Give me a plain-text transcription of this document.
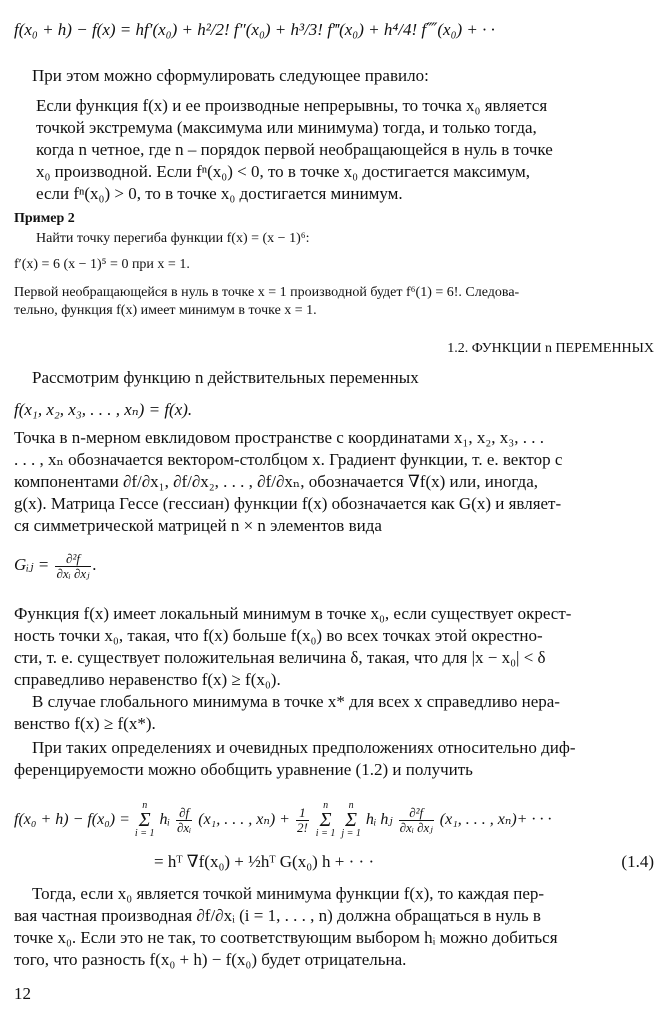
f(x₀ + h) − f(x) = hf′(x₀) + h²/2! f″(x₀) + h³/3! f‴(x₀) + h⁴/4! f⁗(x₀) + · ·
При этом можно сформулировать следующее правило:
Если функция f(x) и ее производные непрерывны, то точка x₀ является
точкой экстремума (максимума или минимума) тогда, и только тогда,
когда n четное, где n – порядок первой необращающейся в нуль в точке
x₀ производной. Если fⁿ(x₀) < 0, то в точке x₀ достигается максимум,
если fⁿ(x₀) > 0, то в точке x₀ достигается минимум.
Пример 2
Найти точку перегиба функции f(x) = (x − 1)⁶:
f′(x) = 6 (x − 1)⁵ = 0 при x = 1.
Первой необращающейся в нуль в точке x = 1 производной будет f⁶(1) = 6!. Следова-
тельно, функция f(x) имеет минимум в точке x = 1.
1.2. ФУНКЦИИ n ПЕРЕМЕННЫХ
Рассмотрим функцию n действительных переменных
f(x₁, x₂, x₃, . . . , xₙ) = f(x).
Точка в n-мерном евклидовом пространстве с координатами x₁, x₂, x₃, . . .
. . . , xₙ обозначается вектором-столбцом x. Градиент функции, т. е. вектор с
компонентами ∂f/∂x₁, ∂f/∂x₂, . . . , ∂f/∂xₙ, обозначается ∇f(x) или, иногда,
g(x). Матрица Гессе (гессиан) функции f(x) обозначается как G(x) и являет-
ся симметрической матрицей n × n элементов вида
Gᵢⱼ = $\frac{\text{∂²f}}{\text{∂xᵢ ∂xⱼ}}$ .
Функция f(x) имеет локальный минимум в точке x₀, если существует окрест-
ность точки x₀, такая, что f(x) больше f(x₀) во всех точках этой окрестно-
сти, т. е. существует положительная величина δ, такая, что для |x − x₀| < δ
справедливо неравенство f(x) ≥ f(x₀).
В случае глобального минимума в точке x* для всех x справедливо нера-
венство f(x) ≥ f(x*).
При таких определениях и очевидных предположениях относительно диф-
ференцируемости можно обобщить уравнение (1.2) и получить
f(x₀ + h) − f(x₀) = n
Σ
i = 1 hᵢ $\frac{\partial f}{\text{∂xᵢ}} (x_1$, . . . , $x_n) + \frac{1}{2!}$ n
Σ
i = 1 n
Σ
j = 1 hᵢ hⱼ $\frac{\text{∂²f}}{\text{∂xᵢ ∂xⱼ}} (x_1$, . . . , xₙ)+ · · ·
= hᵀ ∇f(x₀) + ½hᵀ G(x₀) h + · · ·	(1.4)
Тогда, если x₀ является точкой минимума функции f(x), то каждая пер-
вая частная производная ∂f/∂xᵢ (i = 1, . . . , n) должна обращаться в нуль в
точке x₀. Если это не так, то соответствующим выбором hᵢ можно добиться
того, что разность f(x₀ + h) − f(x₀) будет отрицательна.
12
